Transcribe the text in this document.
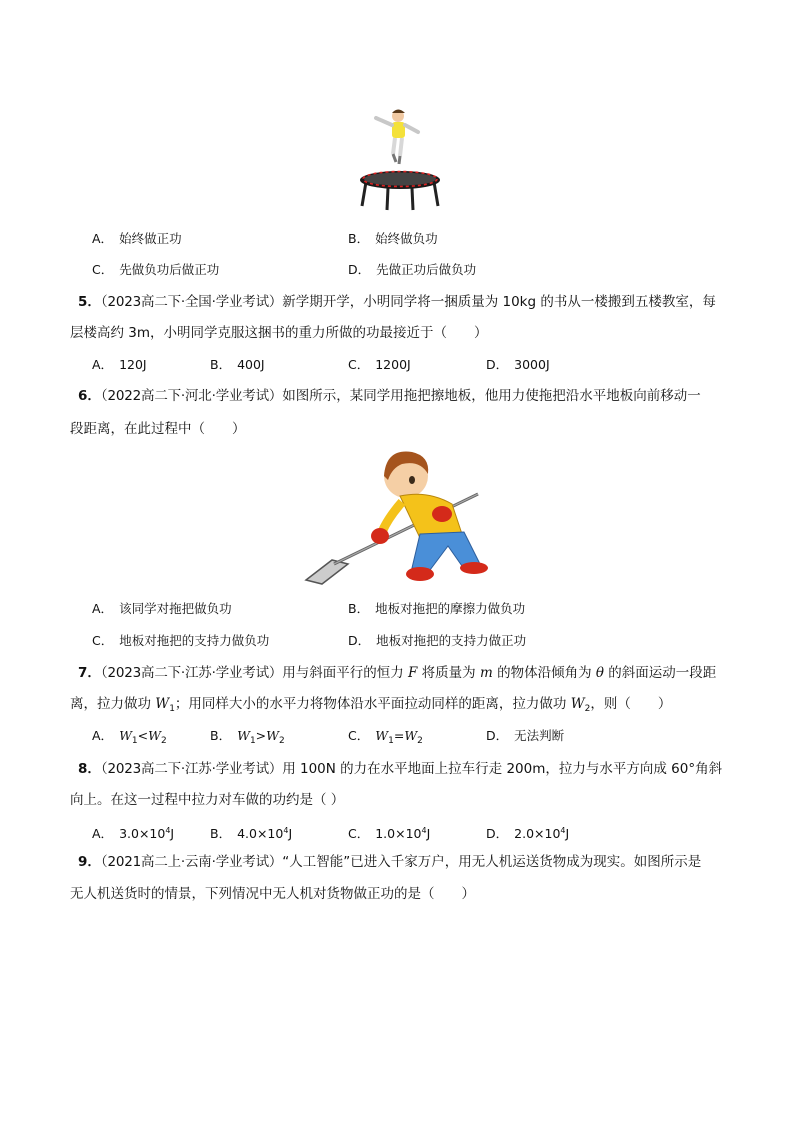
A． 始终做正功	B． 始终做负功
C． 先做负功后做正功	D． 先做正功后做负功
5．（2023高二下·全国·学业考试）新学期开学，小明同学将一捆质量为 10kg 的书从一楼搬到五楼教室，每
层楼高约 3m，小明同学克服这捆书的重力所做的功最接近于（　　）
A． 120J	B． 400J	C． 1200J	D． 3000J
6．（2022高二下·河北·学业考试）如图所示，某同学用拖把擦地板，他用力使拖把沿水平地板向前移动一
段距离，在此过程中（　　）
A． 该同学对拖把做负功	B． 地板对拖把的摩擦力做负功
C． 地板对拖把的支持力做负功	D． 地板对拖把的支持力做正功
7．（2023高二下·江苏·学业考试）用与斜面平行的恒力 F 将质量为 m 的物体沿倾角为 θ 的斜面运动一段距
离，拉力做功 $W_1$；用同样大小的水平力将物体沿水平面拉动同样的距离，拉力做功 $W_2$，则（　　）
A． $W_1<W_2$	B． $W_1>W_2$	C． $W_1=W_2$	D． 无法判断
8．（2023高二下·江苏·学业考试）用 100N 的力在水平地面上拉车行走 200m，拉力与水平方向成 60°角斜
向上。在这一过程中拉力对车做的功约是（ ）
A． $3.0\times 10^4J$	B． $4.0\times 10^4J$	C． $1.0\times 10^4J$	D． $2.0\times 10^4J$
9．（2021高二上·云南·学业考试）“人工智能”已进入千家万户，用无人机运送货物成为现实。如图所示是
无人机送货时的情景，下列情况中无人机对货物做正功的是（　　）
